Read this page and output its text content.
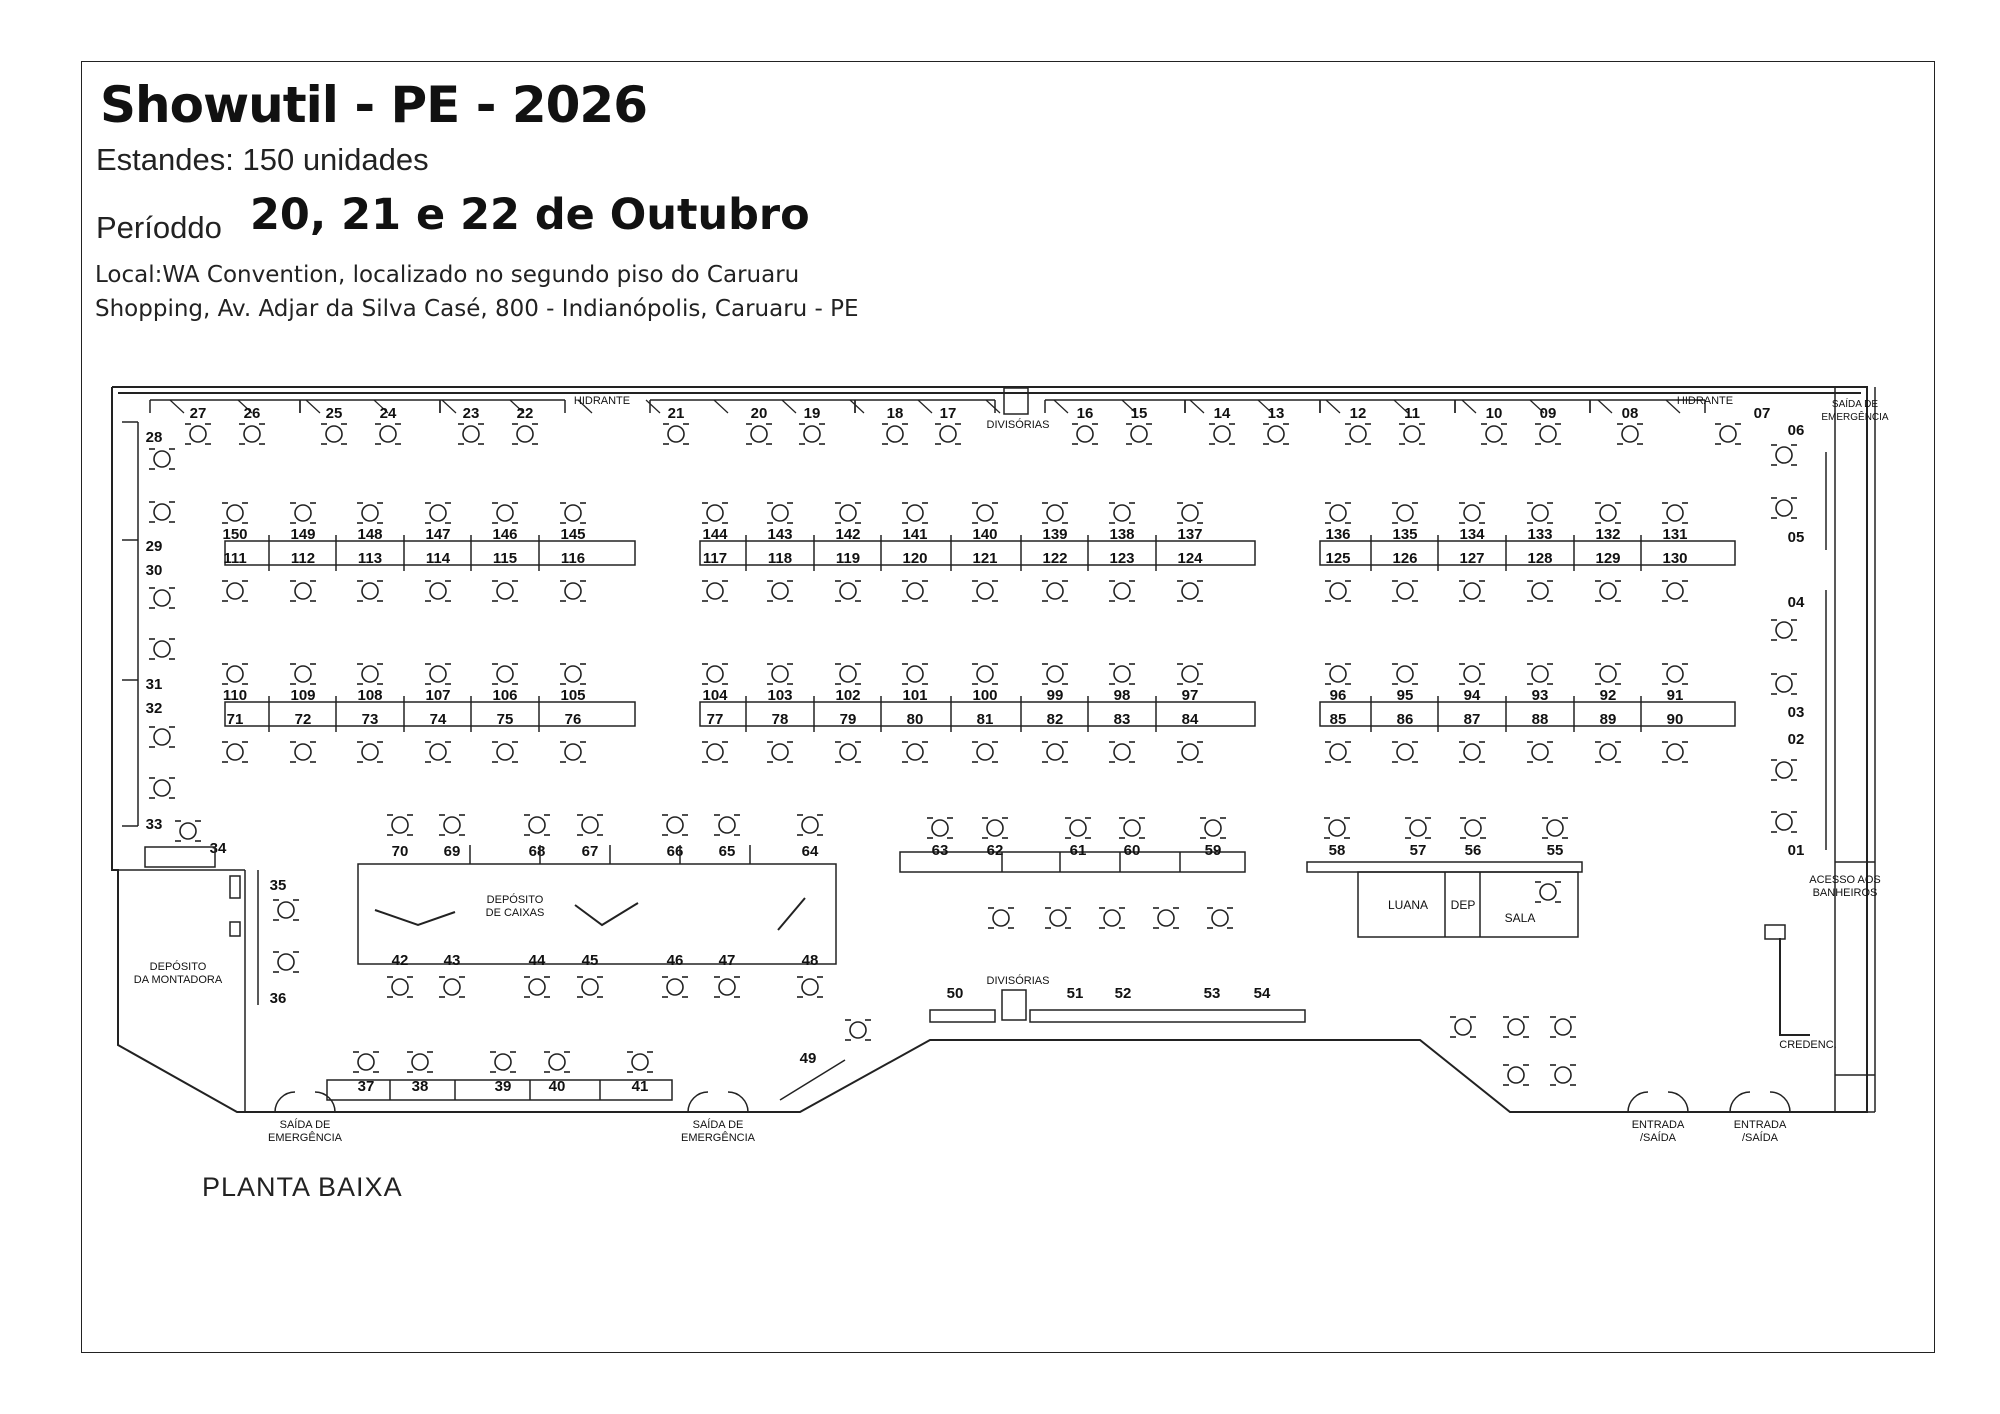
Showutil - PE - 2026
Estandes: 150 unidades
Períoddo 20, 21 e 22 de Outubro
Local:WA Convention, localizado no segundo piso do Caruaru
Shopping, Av. Adjar da Silva Casé, 800 - Indianópolis, Caruaru - PE
PLANTA BAIXA
27 26	25 24	23 22	21	20 19	18 17	16 15	14 13	12	11	10 09	08	07
HIDRANTE	HIDRANTE
DIVISÓRIAS
28
29
30
31
32
33
34
06
05
04
03
02
01
SAÍDA DE
EMERGÊNCIA
ACESSO AOS
BANHEIROS
150
111
149
112
148
113
147
114
146
115
145
116
144
117
143
118
142
119
141
120
140
121
139
122
138
123
137
124
136
125
135
126
134
127
133
128
132
129
131
130
110
71
109
72
108
73
107
74
106
75
105
76
104
77
103
78
102
79
101
80
100
81
99
82
98
83
97
84
96
85
95
86
94
87
93
88
92
89
91
90
70 69	68 67	66 65	64
42 43	44 45	46 47	48
DEPÓSITO
DE CAIXAS
35
36
DEPÓSITO
DA MONTADORA
37 38	39 40	41
63	62	61 60	59	58	57	56	55
LUANA DEP
SALA
49
50	51 52	53 54
DIVISÓRIAS
CREDENC.
SAÍDA DE
EMERGÊNCIA
SAÍDA DE
EMERGÊNCIA
ENTRADA
/SAÍDA
ENTRADA
/SAÍDA
